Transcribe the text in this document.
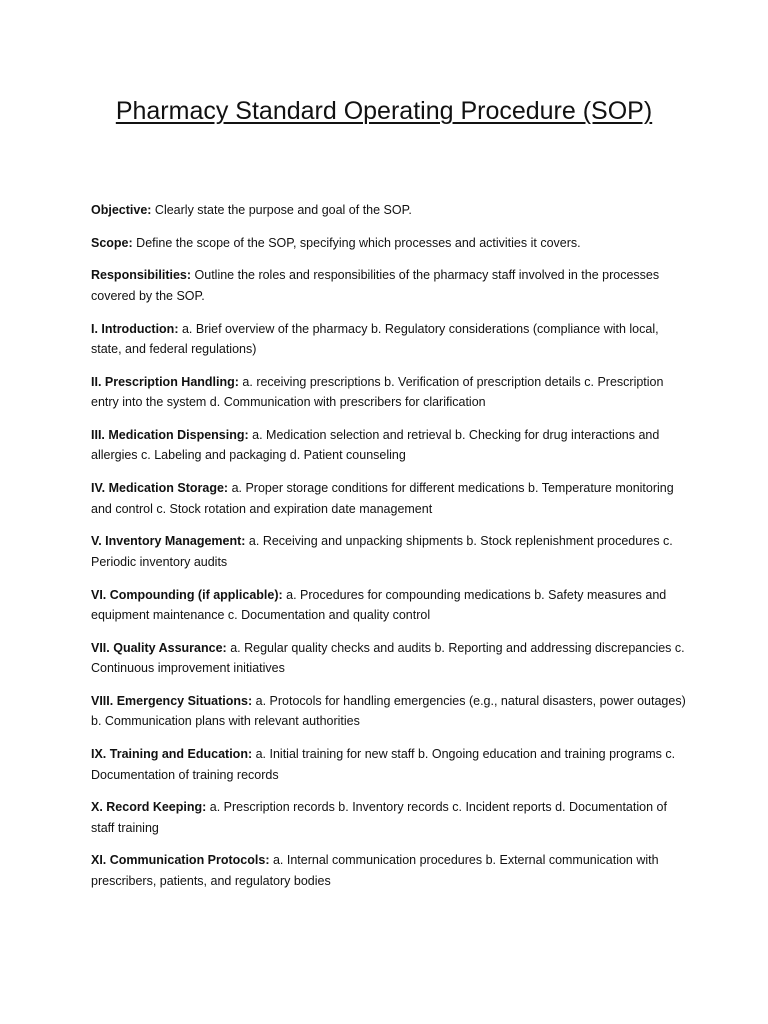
Pharmacy Standard Operating Procedure (SOP)

Objective: Clearly state the purpose and goal of the SOP.

Scope: Define the scope of the SOP, specifying which processes and activities it covers.

Responsibilities: Outline the roles and responsibilities of the pharmacy staff involved in the processes covered by the SOP.

I. Introduction: a. Brief overview of the pharmacy b. Regulatory considerations (compliance with local, state, and federal regulations)

II. Prescription Handling: a. receiving prescriptions b. Verification of prescription details c. Prescription entry into the system d. Communication with prescribers for clarification

III. Medication Dispensing: a. Medication selection and retrieval b. Checking for drug interactions and allergies c. Labeling and packaging d. Patient counseling

IV. Medication Storage: a. Proper storage conditions for different medications b. Temperature monitoring and control c. Stock rotation and expiration date management

V. Inventory Management: a. Receiving and unpacking shipments b. Stock replenishment procedures c. Periodic inventory audits

VI. Compounding (if applicable): a. Procedures for compounding medications b. Safety measures and equipment maintenance c. Documentation and quality control

VII. Quality Assurance: a. Regular quality checks and audits b. Reporting and addressing discrepancies c. Continuous improvement initiatives

VIII. Emergency Situations: a. Protocols for handling emergencies (e.g., natural disasters, power outages) b. Communication plans with relevant authorities

IX. Training and Education: a. Initial training for new staff b. Ongoing education and training programs c. Documentation of training records

X. Record Keeping: a. Prescription records b. Inventory records c. Incident reports d. Documentation of staff training

XI. Communication Protocols: a. Internal communication procedures b. External communication with prescribers, patients, and regulatory bodies
